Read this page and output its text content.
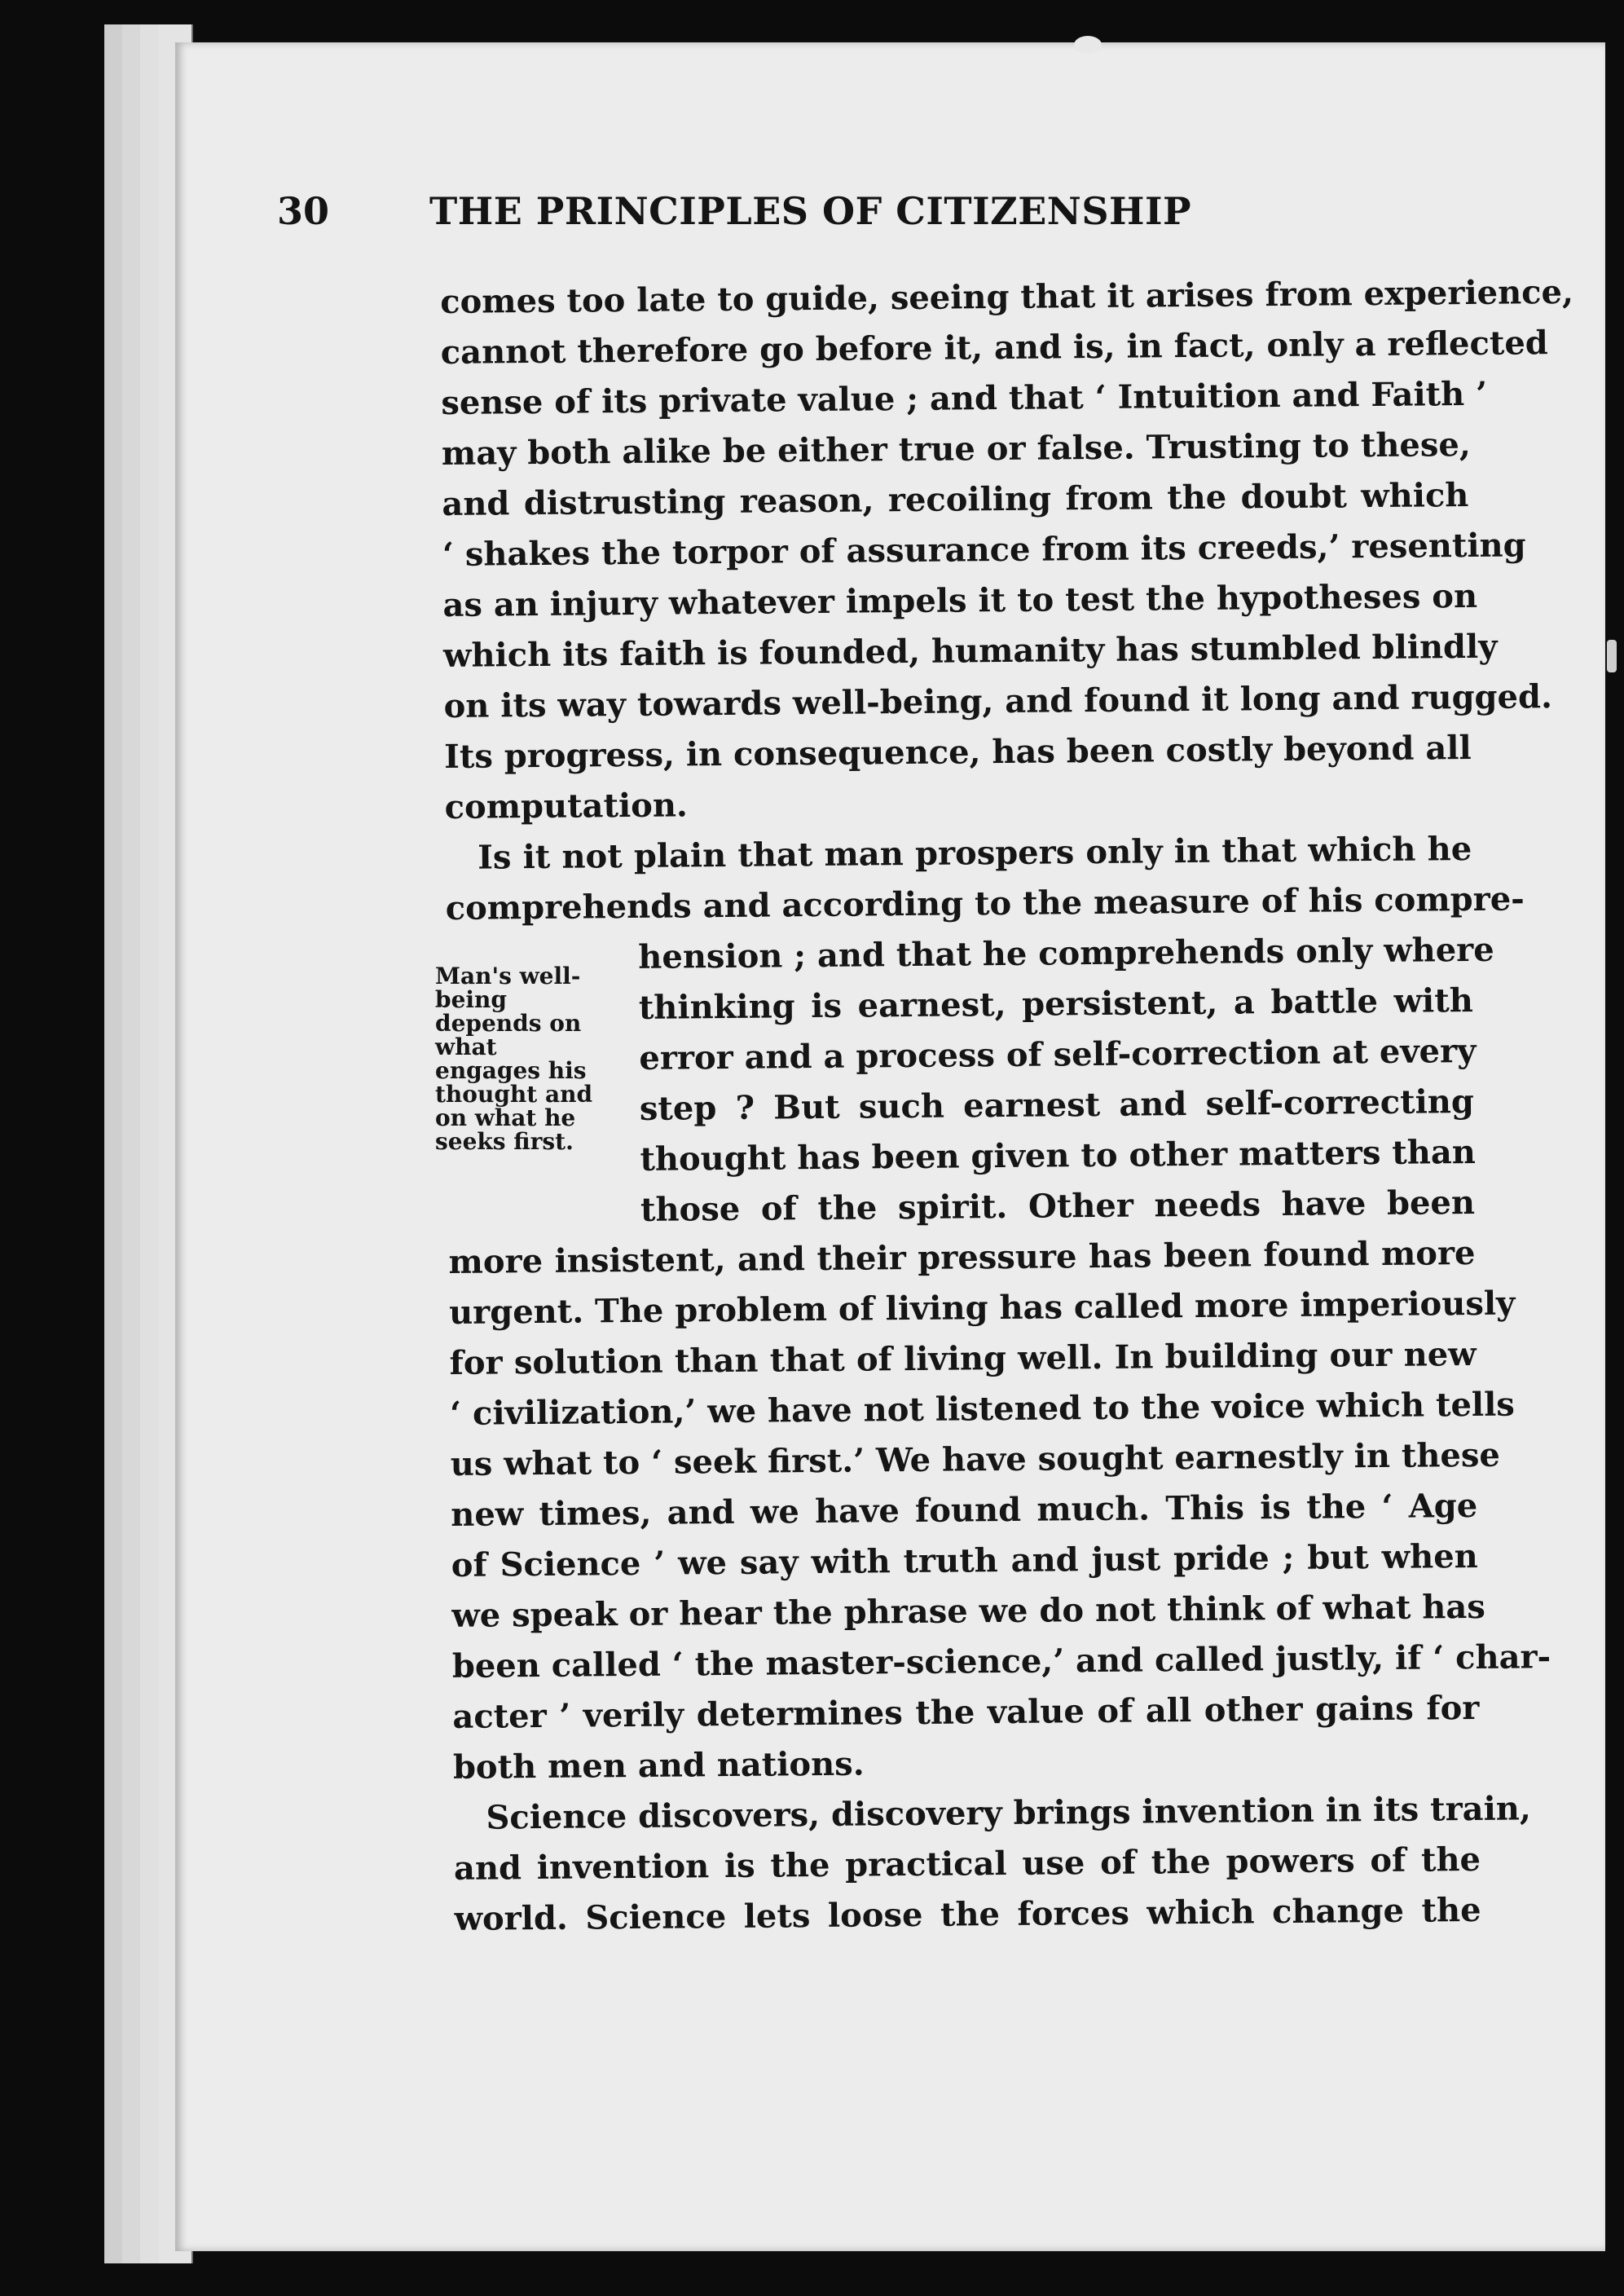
30	THE PRINCIPLES OF CITIZENSHIP
Man's well-
being
depends on
what
engages his
thought and
on what he
seeks first.
comes too late to guide, seeing that it arises from experience,
cannot therefore go before it, and is, in fact, only a reflected
sense of its private value ; and that ‘ Intuition and Faith ’
may both alike be either true or false. Trusting to these,
and distrusting reason, recoiling from the doubt which
‘ shakes the torpor of assurance from its creeds,’ resenting
as an injury whatever impels it to test the hypotheses on
which its faith is founded, humanity has stumbled blindly
on its way towards well-being, and found it long and rugged.
Its progress, in consequence, has been costly beyond all
computation.
Is it not plain that man prospers only in that which he
comprehends and according to the measure of his compre-
hension ; and that he comprehends only where
thinking is earnest, persistent, a battle with
error and a process of self-correction at every
step ? But such earnest and self-correcting
thought has been given to other matters than
those of the spirit. Other needs have been
more insistent, and their pressure has been found more
urgent. The problem of living has called more imperiously
for solution than that of living well. In building our new
‘ civilization,’ we have not listened to the voice which tells
us what to ‘ seek first.’ We have sought earnestly in these
new times, and we have found much. This is the ‘ Age
of Science ’ we say with truth and just pride ; but when
we speak or hear the phrase we do not think of what has
been called ‘ the master-science,’ and called justly, if ‘ char-
acter ’ verily determines the value of all other gains for
both men and nations.
Science discovers, discovery brings invention in its train,
and invention is the practical use of the powers of the
world. Science lets loose the forces which change the
